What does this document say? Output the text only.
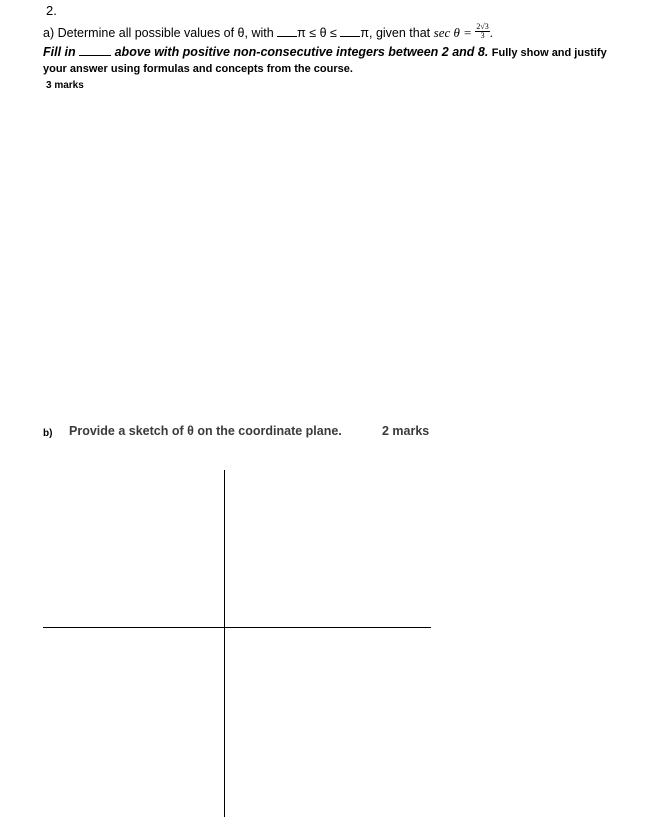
2.
a) Determine all possible values of θ, with π ≤ θ ≤ π, given that $\sec \theta = \frac{2√3}{3}$ .
Fill in	above with positive non-consecutive integers between 2 and 8. Fully show and justify
your answer using formulas and concepts from the course.
3 marks
b) Provide a sketch of θ on the coordinate plane.	2 marks
